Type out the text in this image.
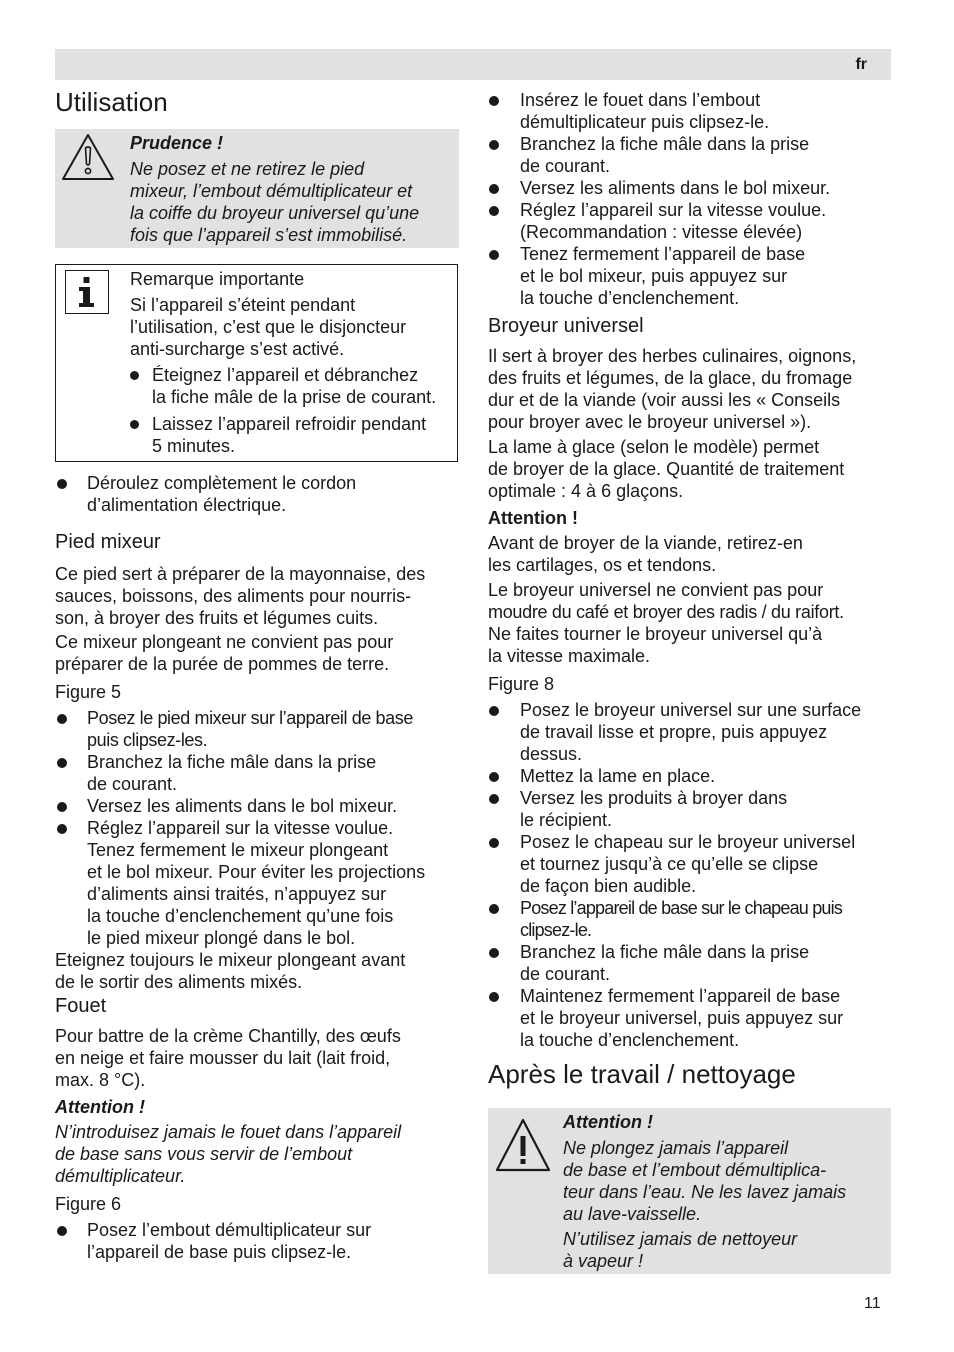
fr
Utilisation

Prudence !

Ne posez et ne retirez le pied

mixeur, l’embout démultiplicateur et

la coiffe du broyeur universel qu’une

fois que l’appareil s’est immobilisé.

Remarque importante

Si l’appareil s’éteint pendant

l’utilisation, c’est que le disjoncteur

anti-surcharge s’est activé.

Éteignez l’appareil et débranchez
la fiche mâle de la prise de courant.
Laissez l’appareil refroidir pendant
5 minutes.
Déroulez complètement le cordon
d’alimentation électrique.
Pied mixeur

Ce pied sert à préparer de la mayonnaise, des

sauces, boissons, des aliments pour nourris-

son, à broyer des fruits et légumes cuits.

Ce mixeur plongeant ne convient pas pour

préparer de la purée de pommes de terre.

Figure 5

Posez le pied mixeur sur l’appareil de base
puis clipsez-les.
Branchez la fiche mâle dans la prise
de courant.
Versez les aliments dans le bol mixeur.
Réglez l’appareil sur la vitesse voulue.
Tenez fermement le mixeur plongeant
et le bol mixeur. Pour éviter les projections
d’aliments ainsi traités, n’appuyez sur
la touche d’enclenchement qu’une fois
le pied mixeur plongé dans le bol.

Eteignez toujours le mixeur plongeant avant

de le sortir des aliments mixés.

Fouet

Pour battre de la crème Chantilly, des œufs

en neige et faire mousser du lait (lait froid,

max. 8 °C).

Attention !

N’introduisez jamais le fouet dans l’appareil

de base sans vous servir de l’embout

démultiplicateur.

Figure 6

Posez l’embout démultiplicateur sur
l’appareil de base puis clipsez-le.
Insérez le fouet dans l’embout
démultiplicateur puis clipsez-le.
Branchez la fiche mâle dans la prise
de courant.
Versez les aliments dans le bol mixeur.
Réglez l’appareil sur la vitesse voulue.
(Recommandation : vitesse élevée)
Tenez fermement l’appareil de base
et le bol mixeur, puis appuyez sur
la touche d’enclenchement.
Broyeur universel

Il sert à broyer des herbes culinaires, oignons,

des fruits et légumes, de la glace, du fromage

dur et de la viande (voir aussi les « Conseils

pour broyer avec le broyeur universel »).

La lame à glace (selon le modèle) permet

de broyer de la glace. Quantité de traitement

optimale : 4 à 6 glaçons.

Attention !

Avant de broyer de la viande, retirez-en

les cartilages, os et tendons.

Le broyeur universel ne convient pas pour

moudre du café et broyer des radis / du raifort.

Ne faites tourner le broyeur universel qu’à

la vitesse maximale.

Figure 8

Posez le broyeur universel sur une surface
de travail lisse et propre, puis appuyez
dessus.
Mettez la lame en place.
Versez les produits à broyer dans
le récipient.
Posez le chapeau sur le broyeur universel
et tournez jusqu’à ce qu’elle se clipse
de façon bien audible.
Posez l’appareil de base sur le chapeau puis
clipsez-le.
Branchez la fiche mâle dans la prise
de courant.
Maintenez fermement l’appareil de base
et le broyeur universel, puis appuyez sur
la touche d’enclenchement.
Après le travail / nettoyage

Attention !

Ne plongez jamais l’appareil

de base et l’embout démultiplica-

teur dans l’eau. Ne les lavez jamais

au lave-vaisselle.

N’utilisez jamais de nettoyeur

à vapeur !

11
